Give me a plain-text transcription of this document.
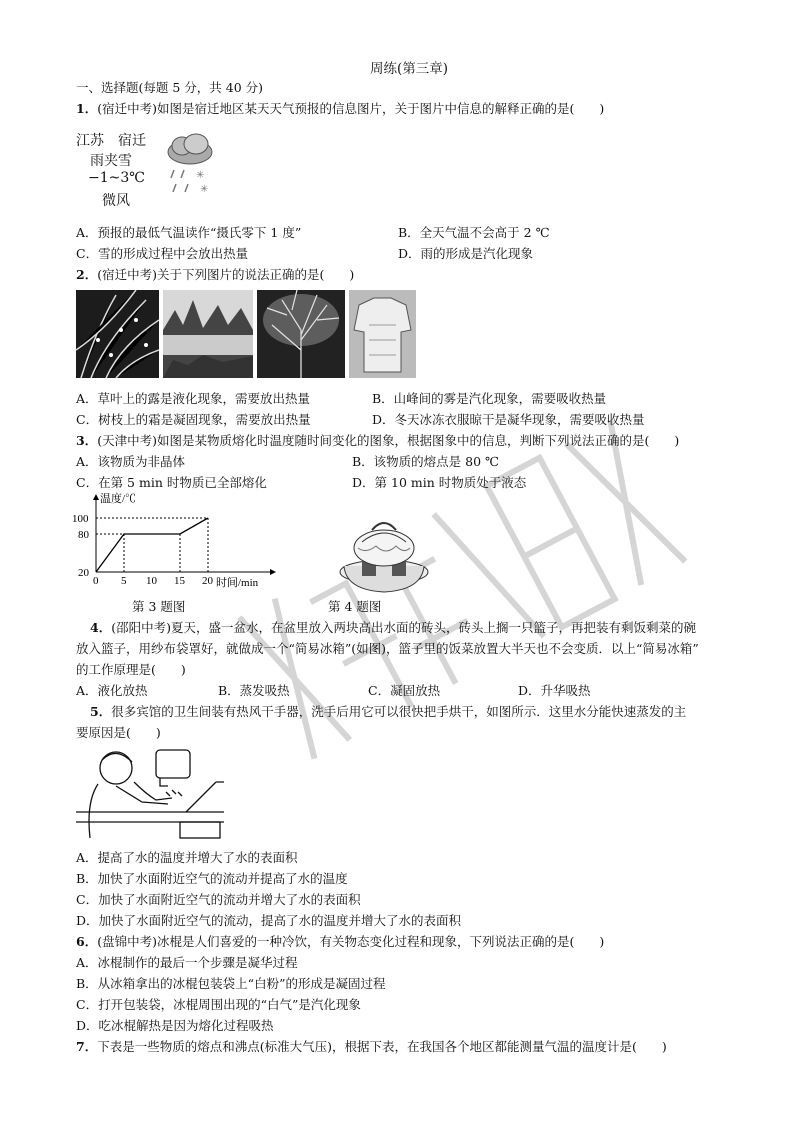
周练(第三章)
一、选择题(每题 5 分，共 40 分)
1．(宿迁中考)如图是宿迁地区某天天气预报的信息图片，关于图片中信息的解释正确的是(　　)
江苏　宿迁
雨夹雪
−1~3℃
微风
✳
✳
A．预报的最低气温读作“摄氏零下 1 度”	B．全天气温不会高于 2 ℃
C．雪的形成过程中会放出热量	D．雨的形成是汽化现象
2．(宿迁中考)关于下列图片的说法正确的是(　　)
A．草叶上的露是液化现象，需要放出热量	B．山峰间的雾是汽化现象，需要吸收热量
C．树枝上的霜是凝固现象，需要放出热量	D．冬天冰冻衣服晾干是凝华现象，需要吸收热量
3．(天津中考)如图是某物质熔化时温度随时间变化的图象，根据图象中的信息，判断下列说法正确的是(　　)
A．该物质为非晶体	B．该物质的熔点是 80 ℃
C．在第 5 min 时物质已全部熔化	D．第 10 min 时物质处于液态
温度/℃
时间/min
0 5 10 15 20
20
80
100
第 3 题图	第 4 题图
4．(邵阳中考)夏天，盛一盆水，在盆里放入两块高出水面的砖头，砖头上搁一只篮子，再把装有剩饭剩菜的碗
放入篮子，用纱布袋罩好，就做成一个“简易冰箱”(如图)，篮子里的饭菜放置大半天也不会变质．以上“简易冰箱”
的工作原理是(　　)
A．液化放热	B．蒸发吸热	C．凝固放热	D．升华吸热
5．很多宾馆的卫生间装有热风干手器，洗手后用它可以很快把手烘干，如图所示．这里水分能快速蒸发的主
要原因是(　　)
A．提高了水的温度并增大了水的表面积
B．加快了水面附近空气的流动并提高了水的温度
C．加快了水面附近空气的流动并增大了水的表面积
D．加快了水面附近空气的流动，提高了水的温度并增大了水的表面积
6．(盘锦中考)冰棍是人们喜爱的一种冷饮，有关物态变化过程和现象，下列说法正确的是(　　)
A．冰棍制作的最后一个步骤是凝华过程
B．从冰箱拿出的冰棍包装袋上“白粉”的形成是凝固过程
C．打开包装袋，冰棍周围出现的“白气”是汽化现象
D．吃冰棍解热是因为熔化过程吸热
7．下表是一些物质的熔点和沸点(标准大气压)，根据下表，在我国各个地区都能测量气温的温度计是(　　)
